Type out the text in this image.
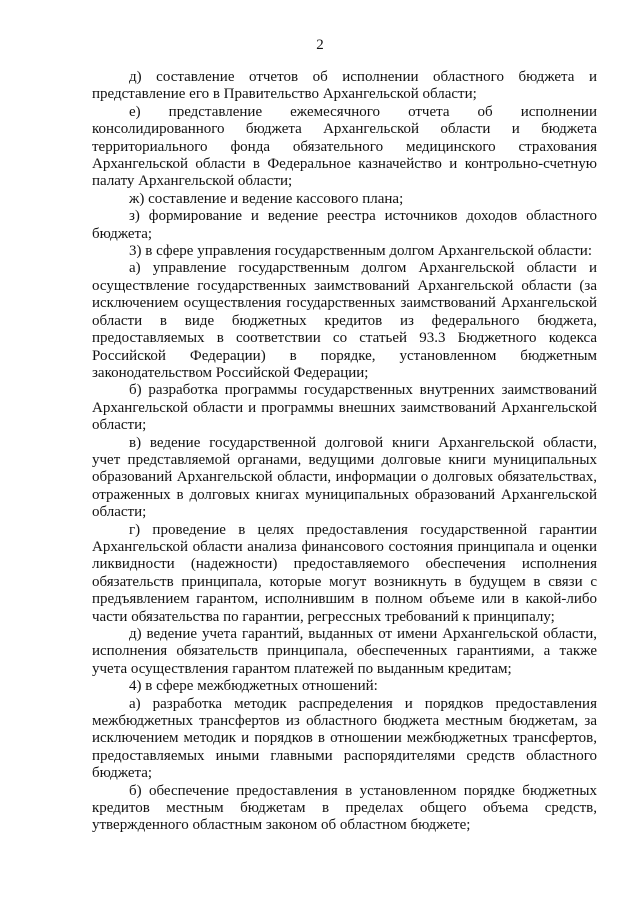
2

д) составление отчетов об исполнении областного бюджета и представление его в Правительство Архангельской области;

е) представление ежемесячного отчета об исполнении консолидированного бюджета Архангельской области и бюджета территориального фонда обязательного медицинского страхования Архангельской области в Федеральное казначейство и контрольно-счетную палату Архангельской области;

ж) составление и ведение кассового плана;

з) формирование и ведение реестра источников доходов областного бюджета;

3) в сфере управления государственным долгом Архангельской области:

а) управление государственным долгом Архангельской области и осуществление государственных заимствований Архангельской области (за исключением осуществления государственных заимствований Архангельской области в виде бюджетных кредитов из федерального бюджета, предоставляемых в соответствии со статьей 93.3 Бюджетного кодекса Российской Федерации) в порядке, установленном бюджетным законодательством Российской Федерации;

б) разработка программы государственных внутренних заимствований Архангельской области и программы внешних заимствований Архангельской области;

в) ведение государственной долговой книги Архангельской области, учет представляемой органами, ведущими долговые книги муниципальных образований Архангельской области, информации о долговых обязательствах, отраженных в долговых книгах муниципальных образований Архангельской области;

г) проведение в целях предоставления государственной гарантии Архангельской области анализа финансового состояния принципала и оценки ликвидности (надежности) предоставляемого обеспечения исполнения обязательств принципала, которые могут возникнуть в будущем в связи с предъявлением гарантом, исполнившим в полном объеме или в какой-либо части обязательства по гарантии, регрессных требований к принципалу;

д) ведение учета гарантий, выданных от имени Архангельской области, исполнения обязательств принципала, обеспеченных гарантиями, а также учета осуществления гарантом платежей по выданным кредитам;

4) в сфере межбюджетных отношений:

а) разработка методик распределения и порядков предоставления межбюджетных трансфертов из областного бюджета местным бюджетам, за исключением методик и порядков в отношении межбюджетных трансфертов, предоставляемых иными главными распорядителями средств областного бюджета;

б) обеспечение предоставления в установленном порядке бюджетных кредитов местным бюджетам в пределах общего объема средств, утвержденного областным законом об областном бюджете;
